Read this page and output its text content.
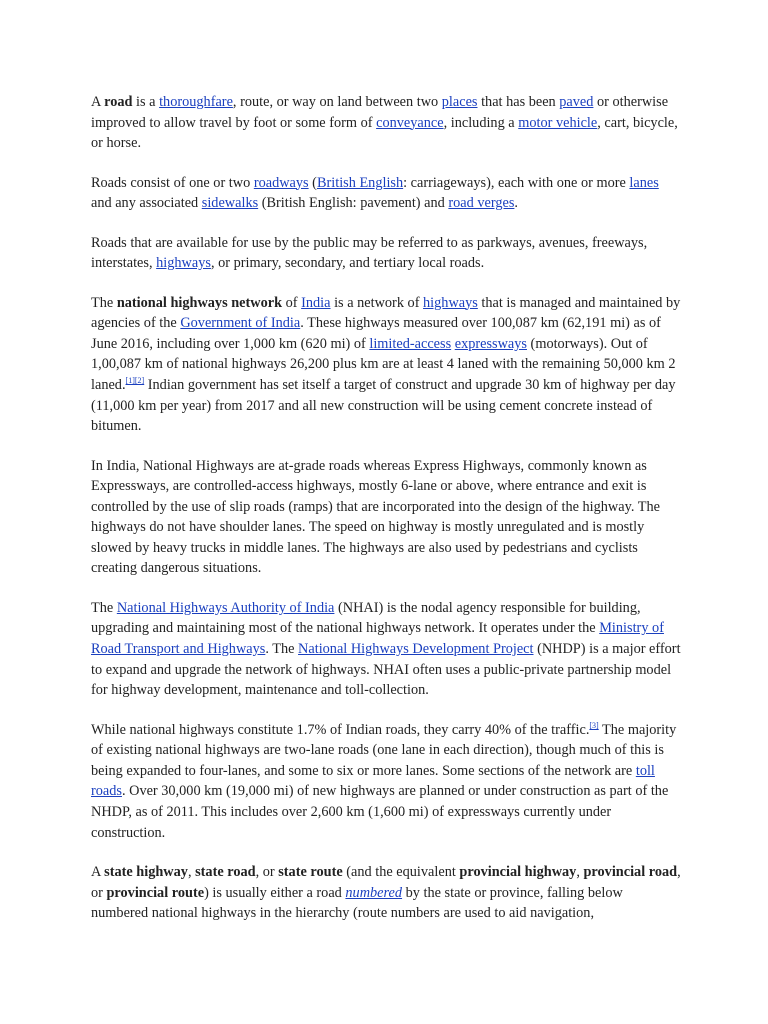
A road is a thoroughfare, route, or way on land between two places that has been paved or otherwise improved to allow travel by foot or some form of conveyance, including a motor vehicle, cart, bicycle, or horse.

Roads consist of one or two roadways (British English: carriageways), each with one or more lanes and any associated sidewalks (British English: pavement) and road verges.

Roads that are available for use by the public may be referred to as parkways, avenues, freeways, interstates, highways, or primary, secondary, and tertiary local roads.

The national highways network of India is a network of highways that is managed and maintained by agencies of the Government of India. These highways measured over 100,087 km (62,191 mi) as of June 2016, including over 1,000 km (620 mi) of limited-access expressways (motorways). Out of 1,00,087 km of national highways 26,200 plus km are at least 4 laned with the remaining 50,000 km 2 laned.[1][2] Indian government has set itself a target of construct and upgrade 30 km of highway per day (11,000 km per year) from 2017 and all new construction will be using cement concrete instead of bitumen.

In India, National Highways are at-grade roads whereas Express Highways, commonly known as Expressways, are controlled-access highways, mostly 6-lane or above, where entrance and exit is controlled by the use of slip roads (ramps) that are incorporated into the design of the highway. The highways do not have shoulder lanes. The speed on highway is mostly unregulated and is mostly slowed by heavy trucks in middle lanes. The highways are also used by pedestrians and cyclists creating dangerous situations.

The National Highways Authority of India (NHAI) is the nodal agency responsible for building, upgrading and maintaining most of the national highways network. It operates under the Ministry of Road Transport and Highways. The National Highways Development Project (NHDP) is a major effort to expand and upgrade the network of highways. NHAI often uses a public-private partnership model for highway development, maintenance and toll-collection.

While national highways constitute 1.7% of Indian roads, they carry 40% of the traffic.[3] The majority of existing national highways are two-lane roads (one lane in each direction), though much of this is being expanded to four-lanes, and some to six or more lanes. Some sections of the network are toll roads. Over 30,000 km (19,000 mi) of new highways are planned or under construction as part of the NHDP, as of 2011. This includes over 2,600 km (1,600 mi) of expressways currently under construction.

A state highway, state road, or state route (and the equivalent provincial highway, provincial road, or provincial route) is usually either a road numbered by the state or province, falling below numbered national highways in the hierarchy (route numbers are used to aid navigation,
